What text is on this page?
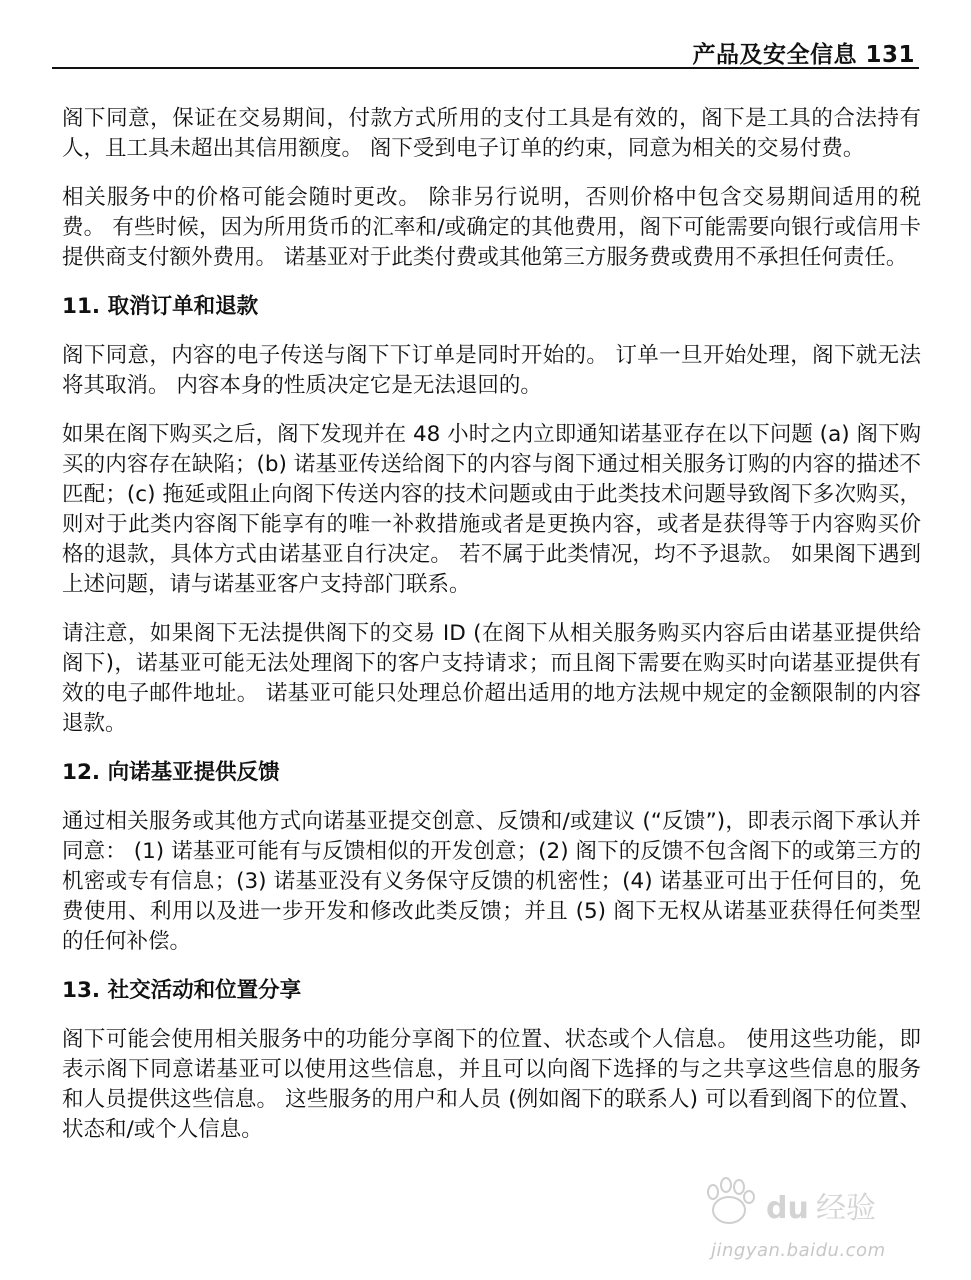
产品及安全信息 131

阁下同意，保证在交易期间，付款方式所用的支付工具是有效的，阁下是工具的合法持有人，且工具未超出其信用额度。 阁下受到电子订单的约束，同意为相关的交易付费。

相关服务中的价格可能会随时更改。 除非另行说明，否则价格中包含交易期间适用的税费。 有些时候，因为所用货币的汇率和/或确定的其他费用，阁下可能需要向银行或信用卡提供商支付额外费用。 诺基亚对于此类付费或其他第三方服务费或费用不承担任何责任。

11. 取消订单和退款

阁下同意，内容的电子传送与阁下下订单是同时开始的。 订单一旦开始处理，阁下就无法将其取消。 内容本身的性质决定它是无法退回的。

如果在阁下购买之后，阁下发现并在 48 小时之内立即通知诺基亚存在以下问题 (a) 阁下购买的内容存在缺陷；(b) 诺基亚传送给阁下的内容与阁下通过相关服务订购的内容的描述不匹配；(c) 拖延或阻止向阁下传送内容的技术问题或由于此类技术问题导致阁下多次购买，则对于此类内容阁下能享有的唯一补救措施或者是更换内容，或者是获得等于内容购买价格的退款，具体方式由诺基亚自行决定。 若不属于此类情况，均不予退款。 如果阁下遇到上述问题，请与诺基亚客户支持部门联系。

请注意，如果阁下无法提供阁下的交易 ID (在阁下从相关服务购买内容后由诺基亚提供给阁下)，诺基亚可能无法处理阁下的客户支持请求；而且阁下需要在购买时向诺基亚提供有效的电子邮件地址。 诺基亚可能只处理总价超出适用的地方法规中规定的金额限制的内容退款。

12. 向诺基亚提供反馈

通过相关服务或其他方式向诺基亚提交创意、反馈和/或建议 (“反馈”)，即表示阁下承认并同意： (1) 诺基亚可能有与反馈相似的开发创意；(2) 阁下的反馈不包含阁下的或第三方的机密或专有信息；(3) 诺基亚没有义务保守反馈的机密性；(4) 诺基亚可出于任何目的，免费使用、利用以及进一步开发和修改此类反馈；并且 (5) 阁下无权从诺基亚获得任何类型的任何补偿。

13. 社交活动和位置分享

阁下可能会使用相关服务中的功能分享阁下的位置、状态或个人信息。 使用这些功能，即表示阁下同意诺基亚可以使用这些信息，并且可以向阁下选择的与之共享这些信息的服务和人员提供这些信息。 这些服务的用户和人员 (例如阁下的联系人) 可以看到阁下的位置、状态和/或个人信息。

du 经验
jingyan.baidu.com
